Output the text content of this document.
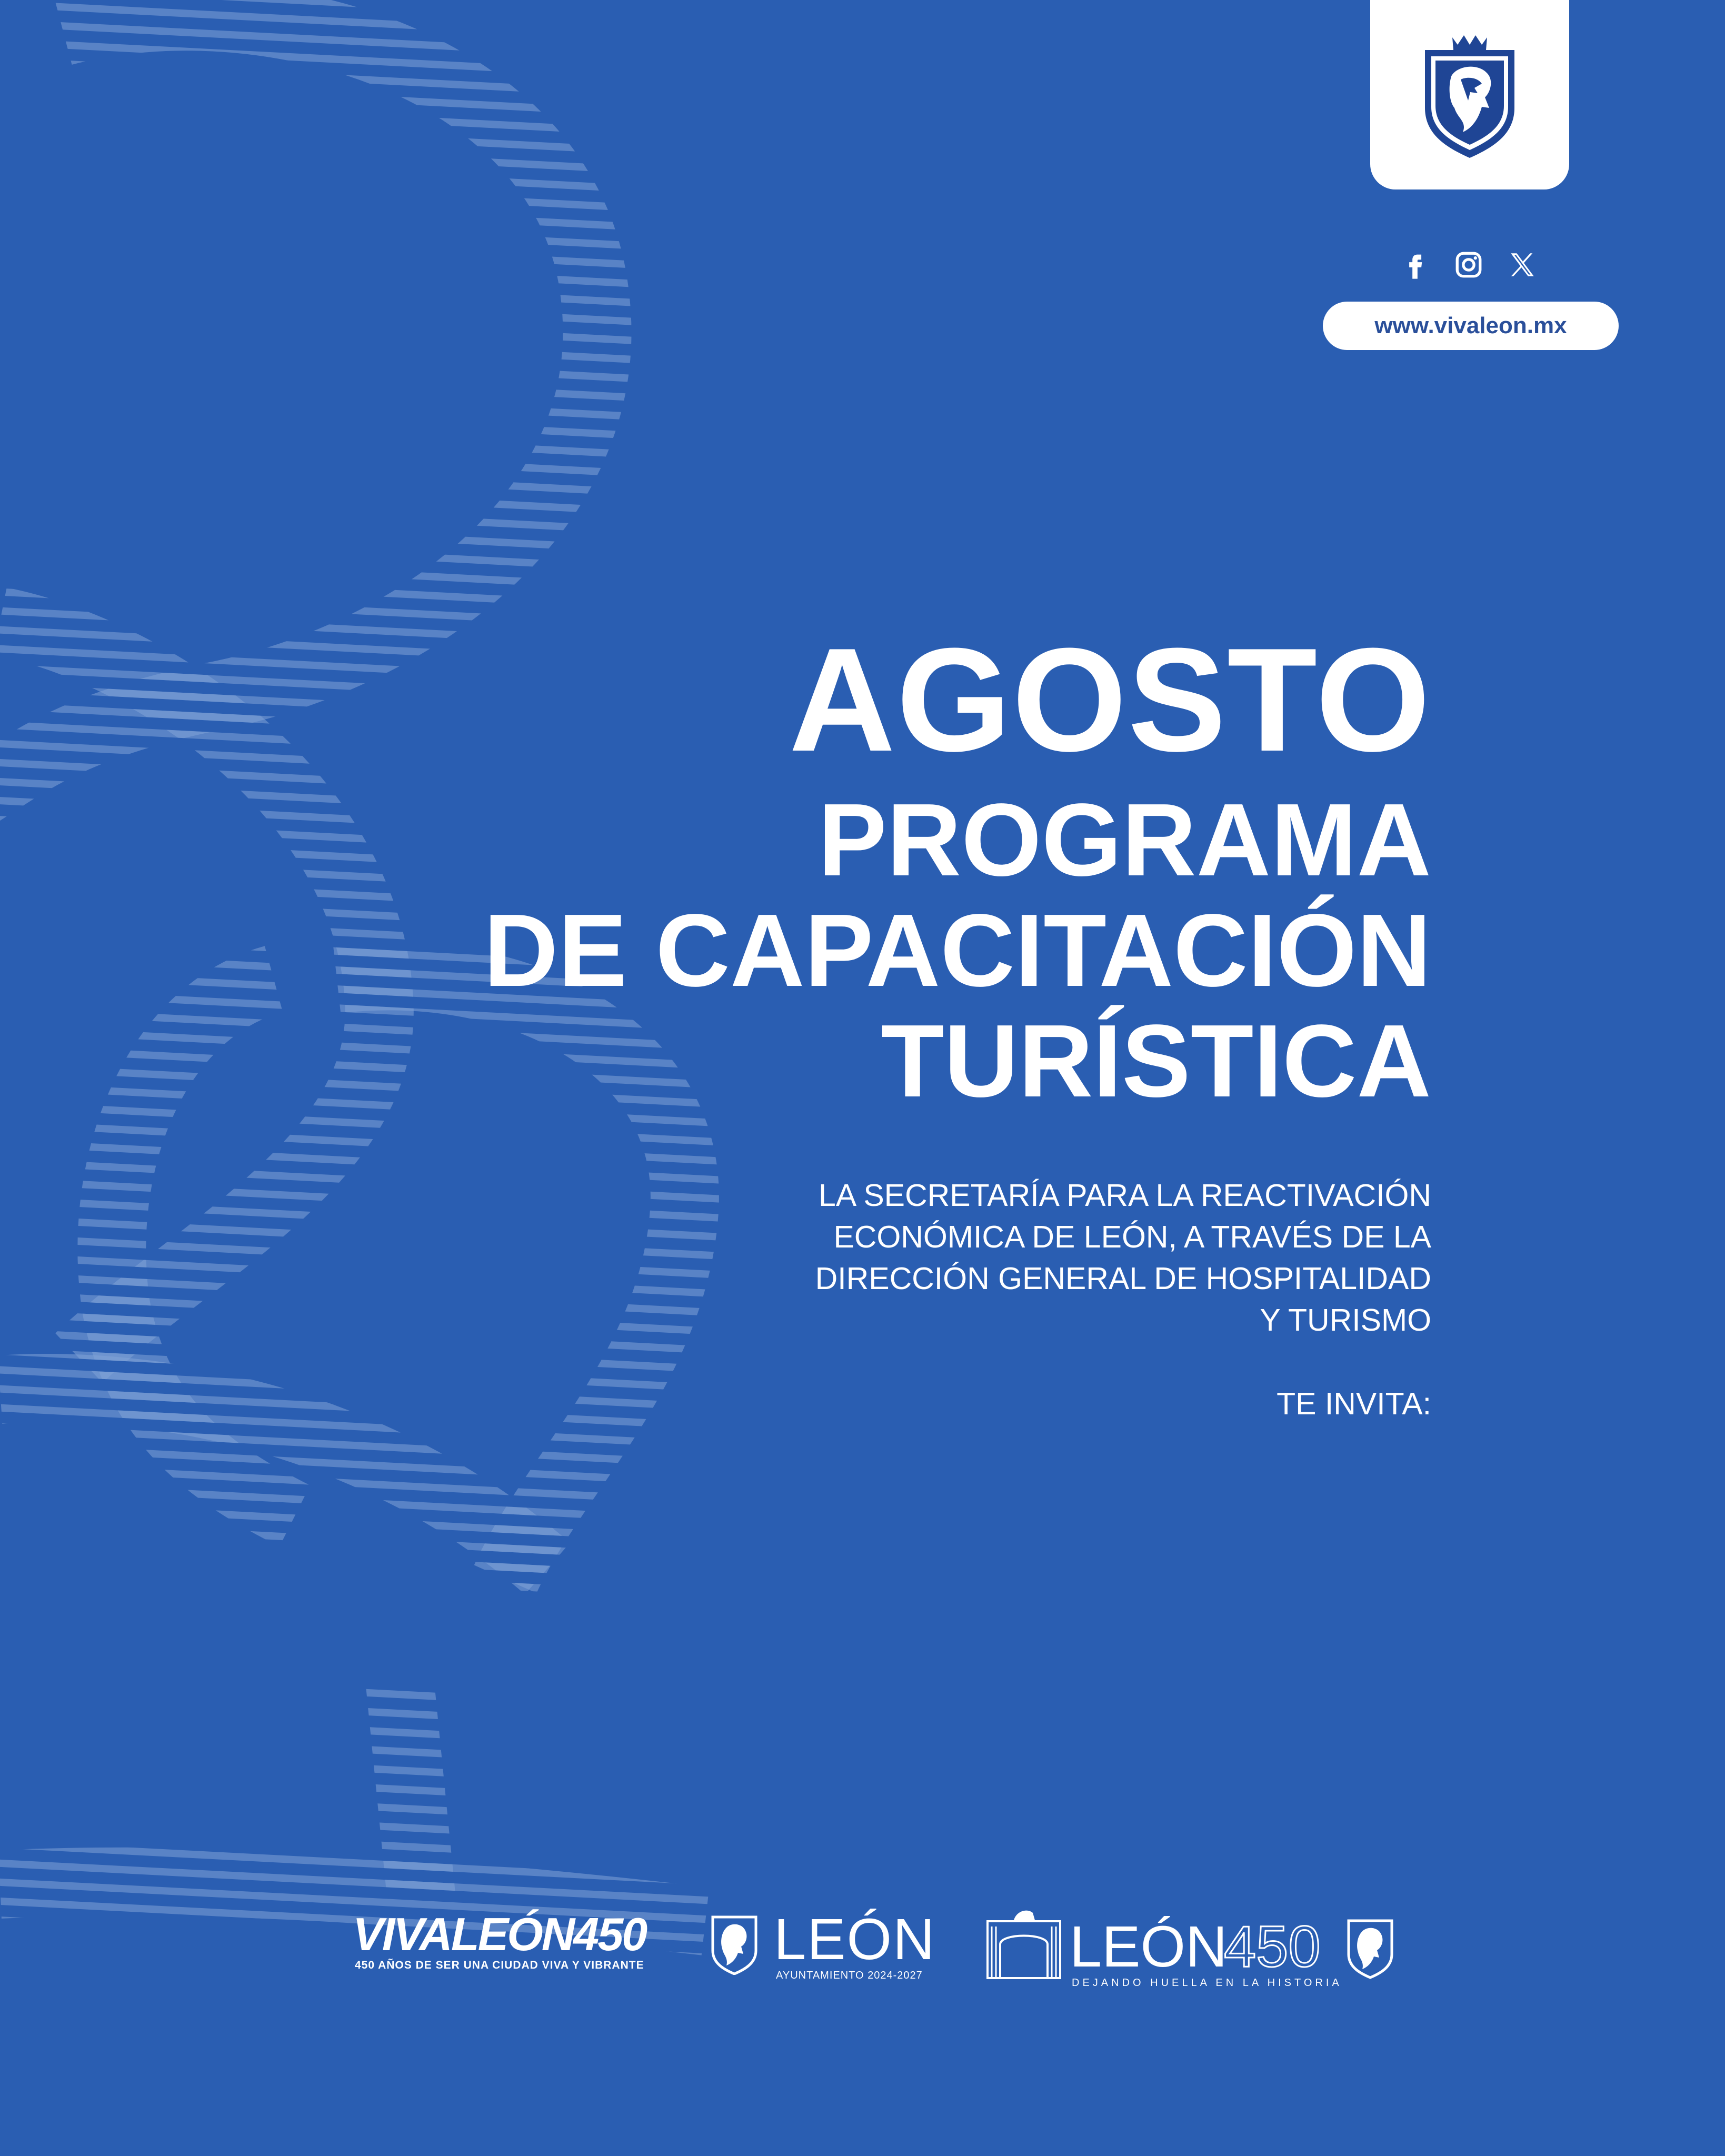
www.vivaleon.mx
AGOSTO
PROGRAMA
DE CAPACITACIÓN
TURÍSTICA
LA SECRETARÍA PARA LA REACTIVACIÓN
ECONÓMICA DE LEÓN, A TRAVÉS DE LA
DIRECCIÓN GENERAL DE HOSPITALIDAD
Y TURISMO
TE INVITA:
VIVALEÓN450
450 AÑOS DE SER UNA CIUDAD VIVA Y VIBRANTE LEÓN
AYUNTAMIENTO 2024-2027	LEÓN
450
DEJANDO HUELLA EN LA HISTORIA
